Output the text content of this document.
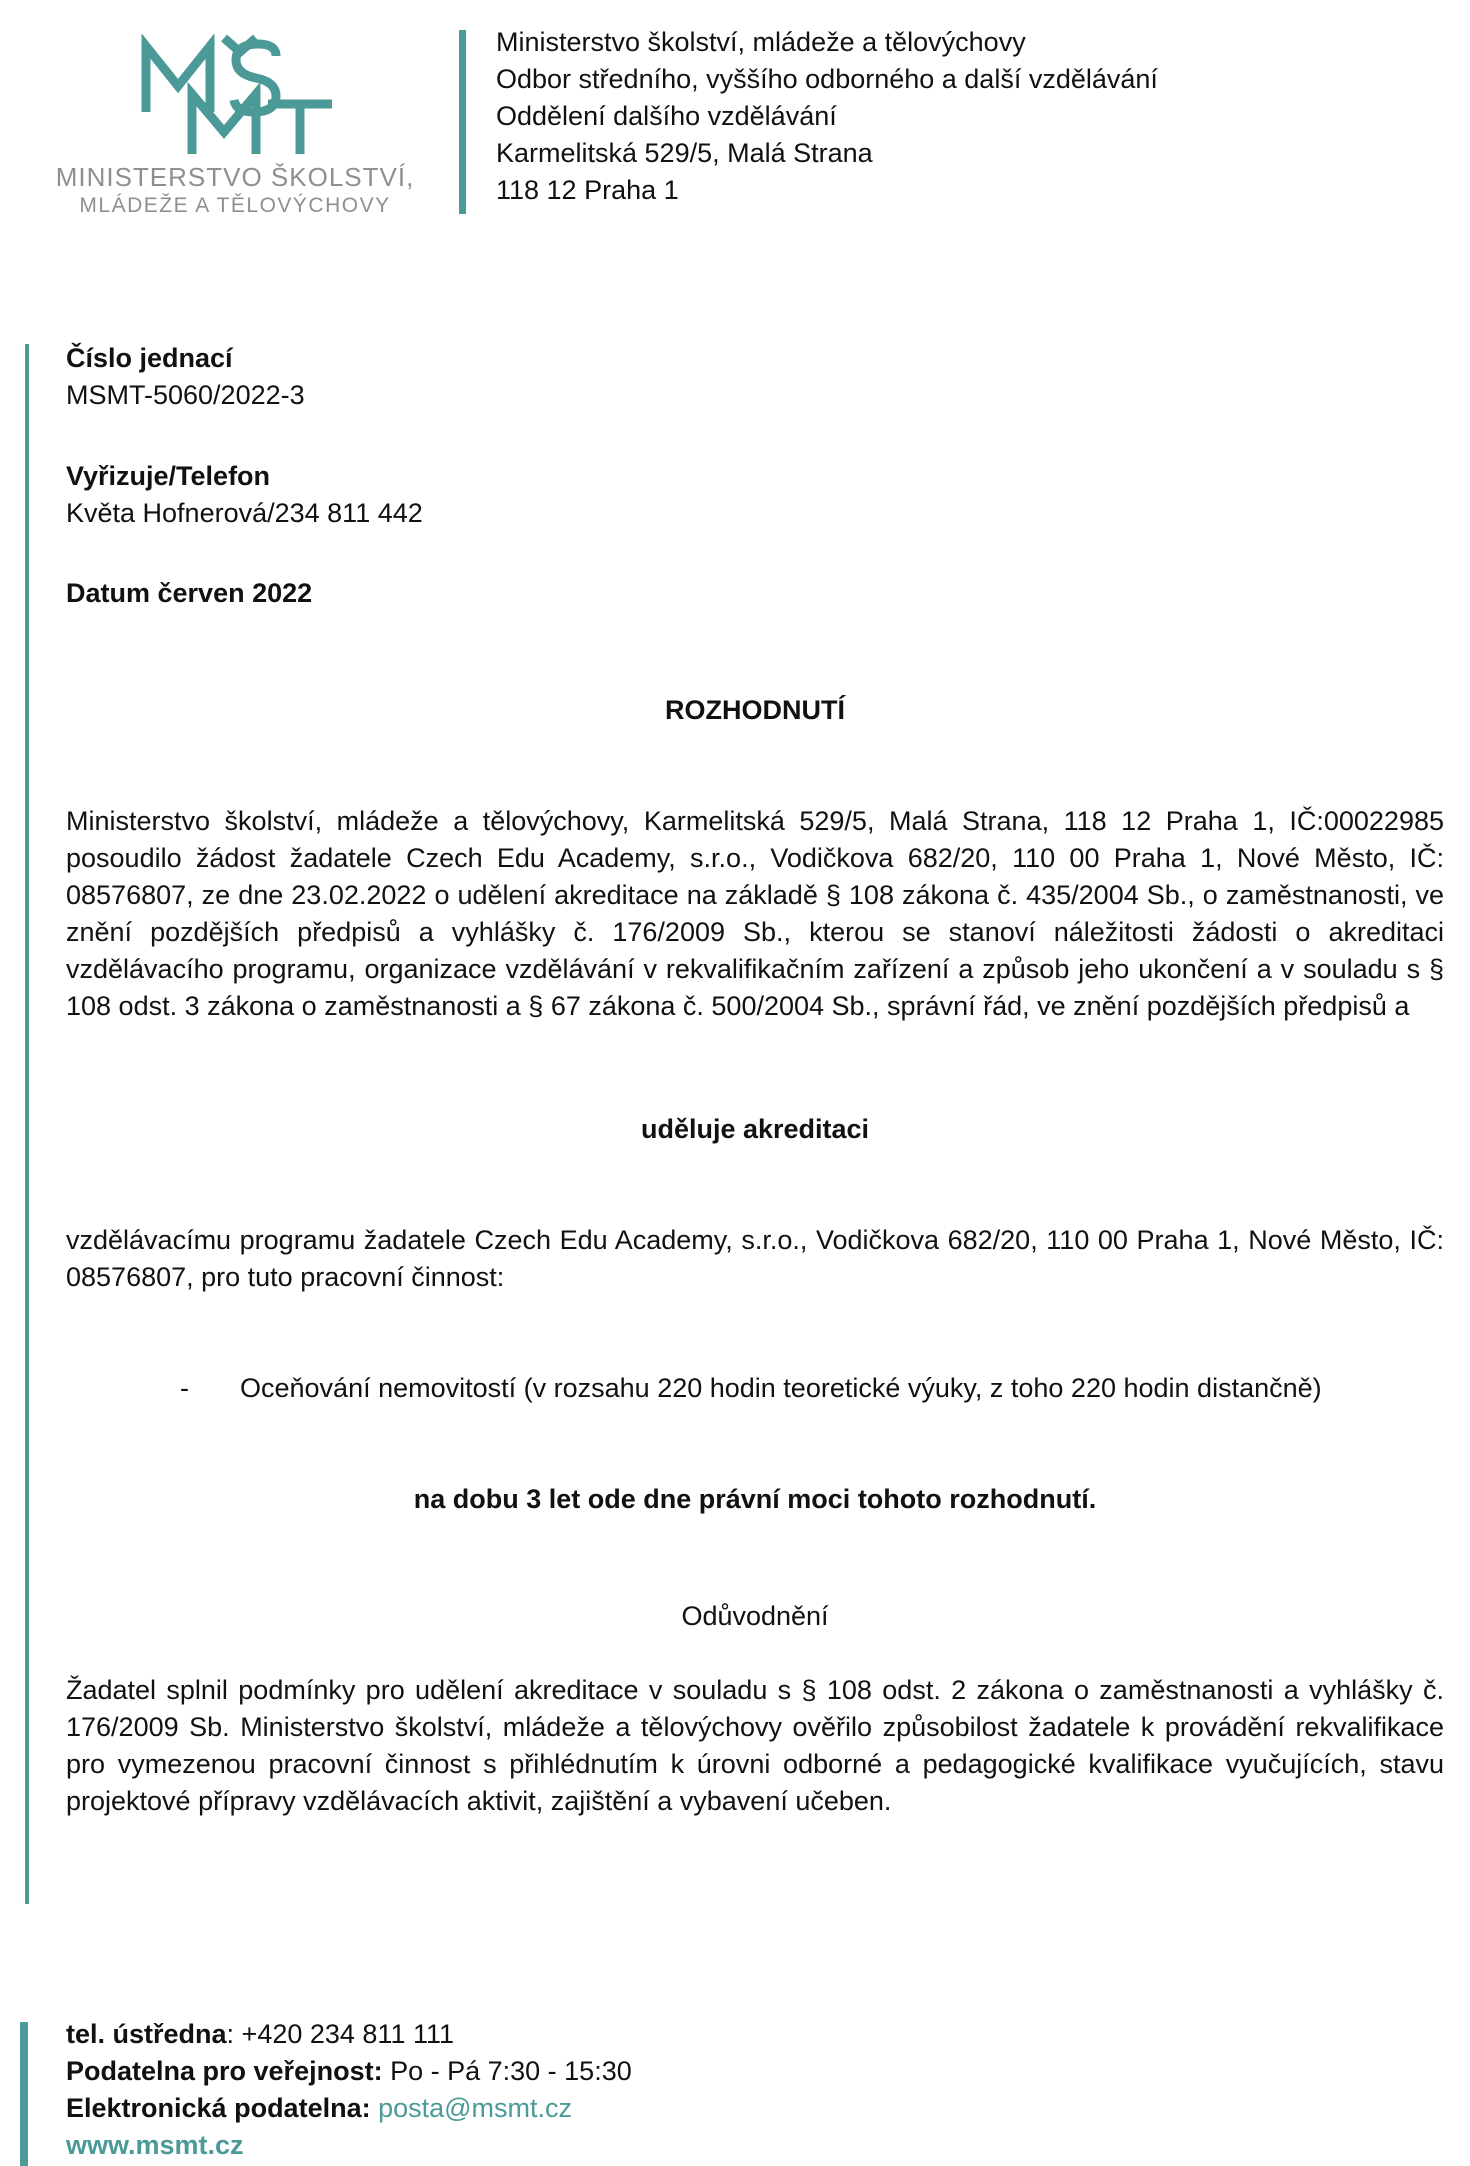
MINISTERSTVO ŠKOLSTVÍ,
MLÁDEŽE A TĚLOVÝCHOVY
Ministerstvo školství, mládeže a tělovýchovy
Odbor středního, vyššího odborného a další vzdělávání
Oddělení dalšího vzdělávání
Karmelitská 529/5, Malá Strana
118 12 Praha 1
Číslo jednací
MSMT-5060/2022-3
Vyřizuje/Telefon
Květa Hofnerová/234 811 442
Datum červen 2022
ROZHODNUTÍ
Ministerstvo školství, mládeže a tělovýchovy, Karmelitská 529/5, Malá Strana, 118 12 Praha 1, IČ:00022985 posoudilo žádost žadatele Czech Edu Academy, s.r.o., Vodičkova 682/20, 110 00 Praha 1, Nové Město, IČ: 08576807, ze dne 23.02.2022 o udělení akreditace na základě § 108 zákona č. 435/2004 Sb., o zaměstnanosti, ve znění pozdějších předpisů a vyhlášky č. 176/2009 Sb., kterou se stanoví náležitosti žádosti o akreditaci vzdělávacího programu, organizace vzdělávání v rekvalifikačním zařízení a způsob jeho ukončení a v souladu s § 108 odst. 3 zákona o zaměstnanosti a § 67 zákona č. 500/2004 Sb., správní řád, ve znění pozdějších předpisů a
uděluje akreditaci
vzdělávacímu programu žadatele Czech Edu Academy, s.r.o., Vodičkova 682/20, 110 00 Praha 1, Nové Město, IČ: 08576807, pro tuto pracovní činnost:
- Oceňování nemovitostí (v rozsahu 220 hodin teoretické výuky, z toho 220 hodin distančně)
na dobu 3 let ode dne právní moci tohoto rozhodnutí.
Odůvodnění
Žadatel splnil podmínky pro udělení akreditace v souladu s § 108 odst. 2 zákona o zaměstnanosti a vyhlášky č. 176/2009 Sb. Ministerstvo školství, mládeže a tělovýchovy ověřilo způsobilost žadatele k provádění rekvalifikace pro vymezenou pracovní činnost s přihlédnutím k úrovni odborné a pedagogické kvalifikace vyučujících, stavu projektové přípravy vzdělávacích aktivit, zajištění a vybavení učeben.
tel. ústředna: +420 234 811 111
Podatelna pro veřejnost: Po - Pá 7:30 - 15:30
Elektronická podatelna: posta@msmt.cz
www.msmt.cz
